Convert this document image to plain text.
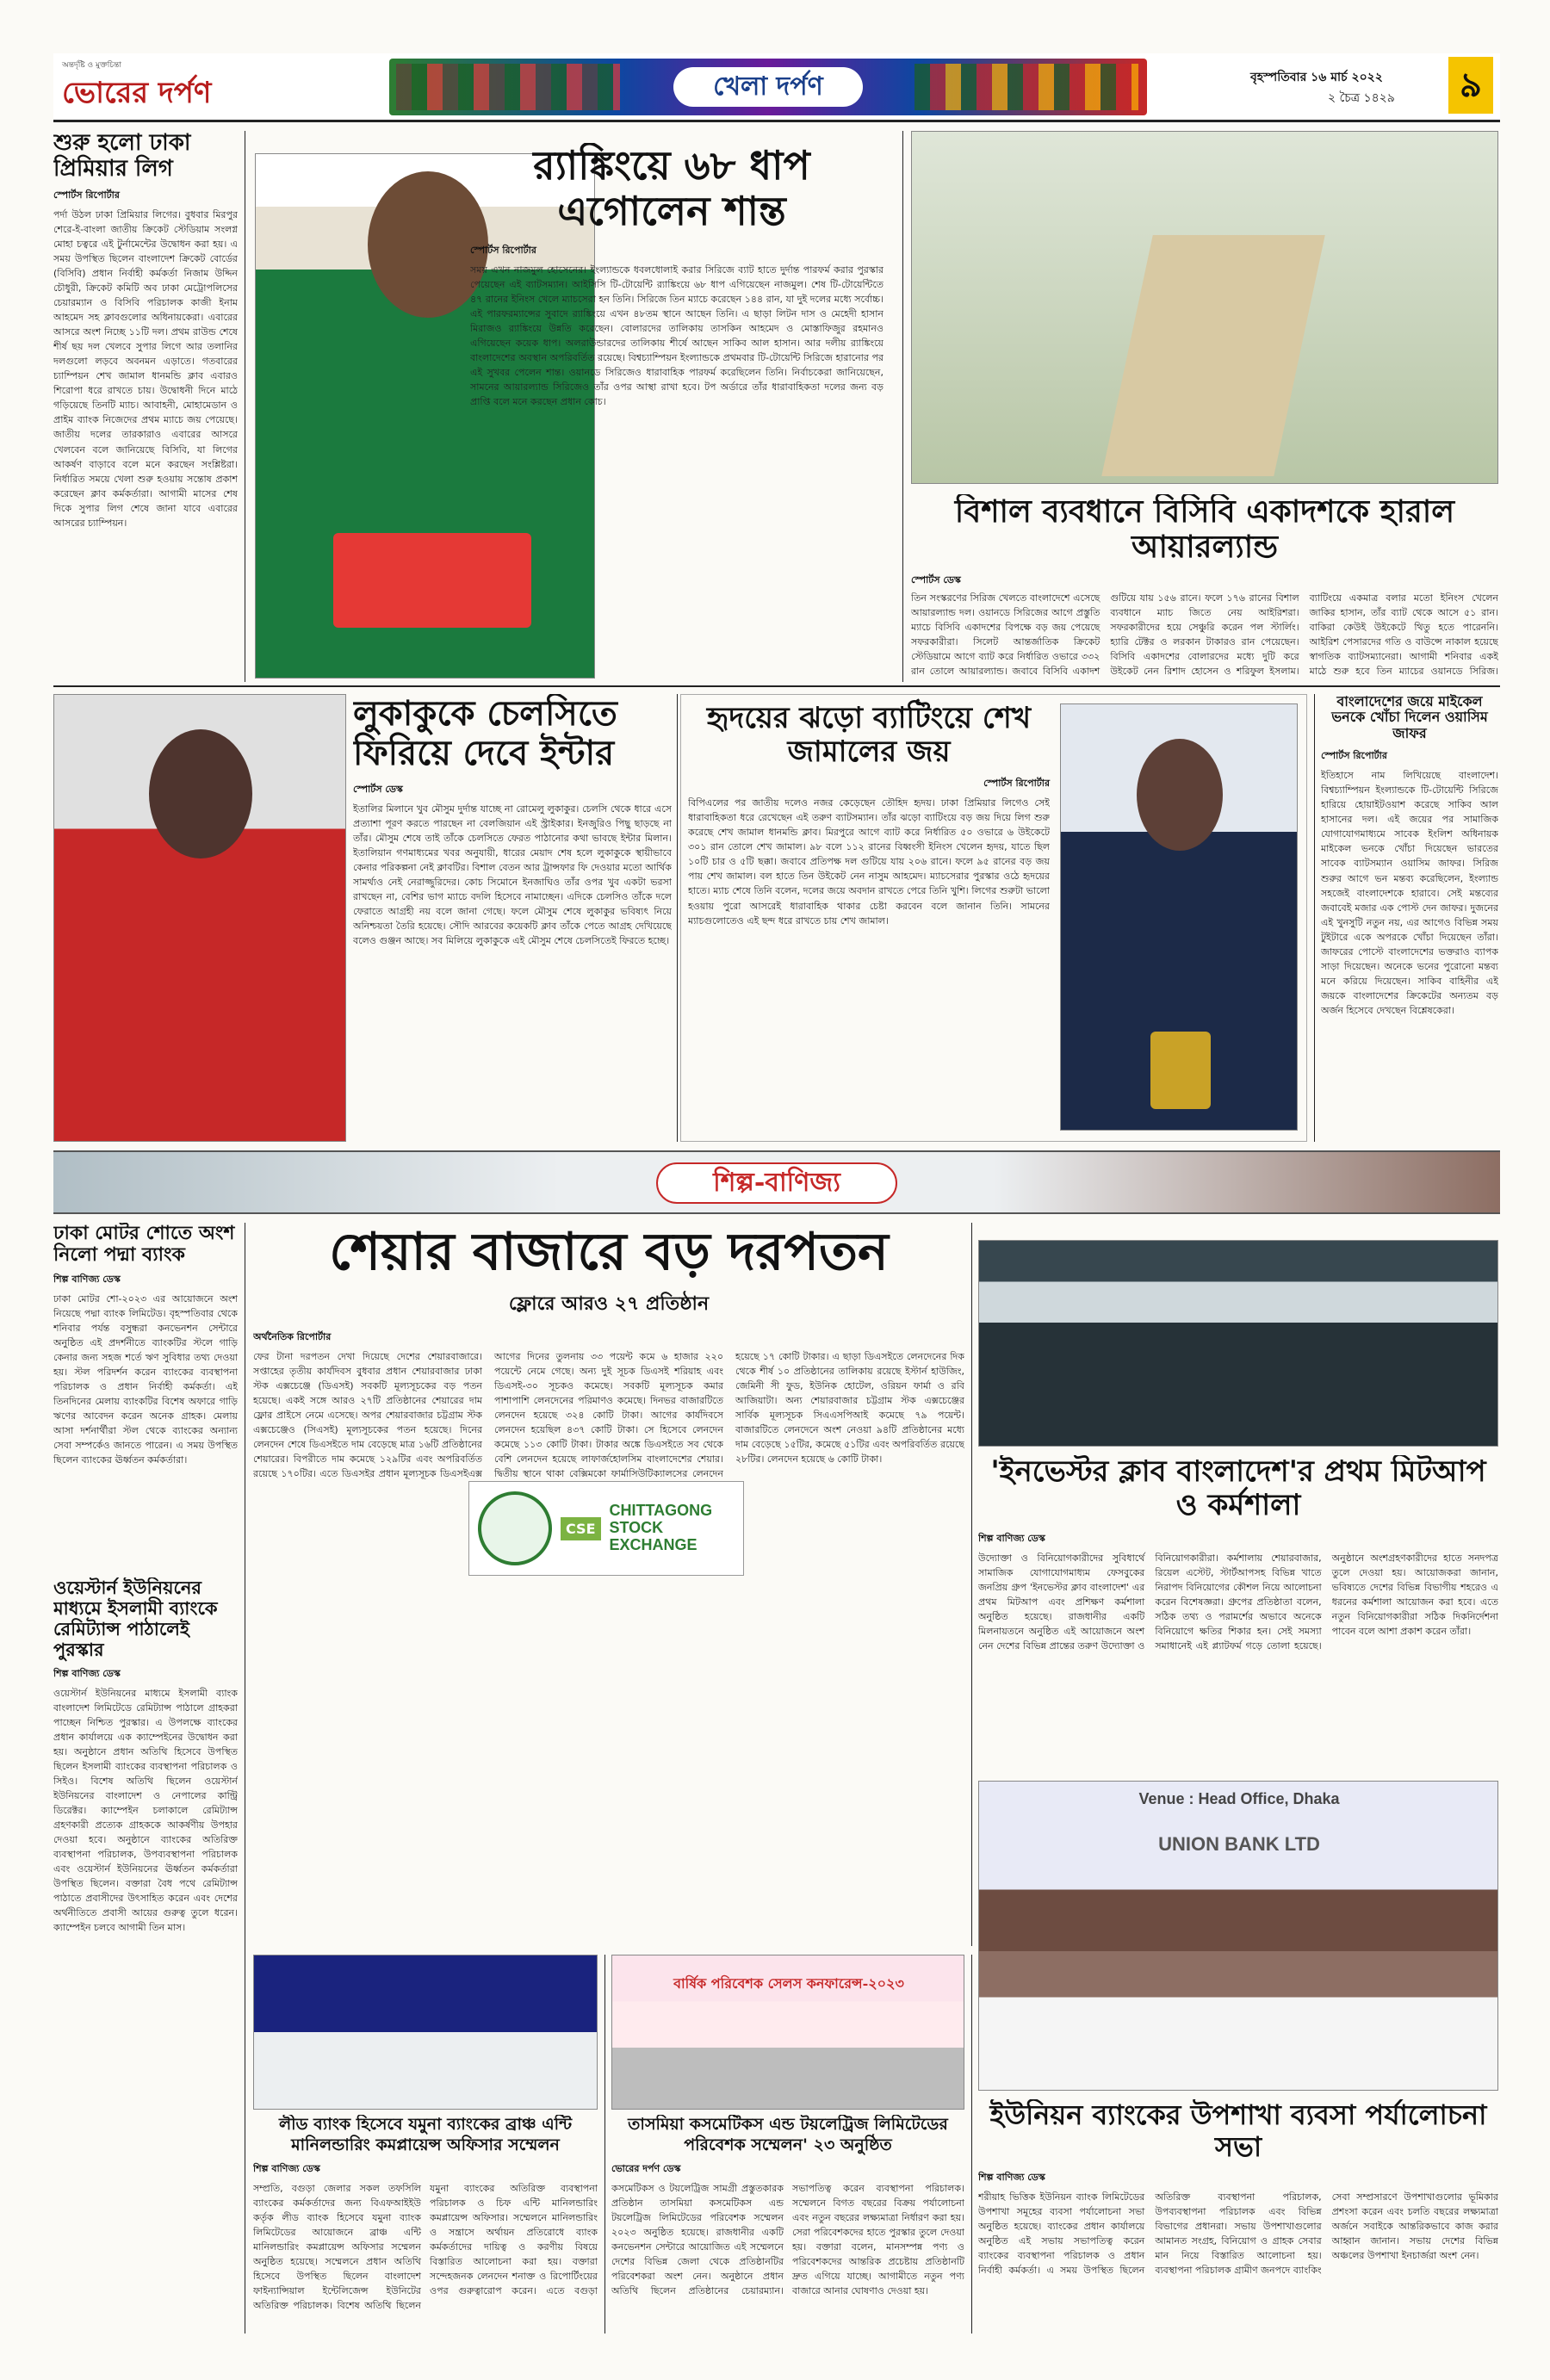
অন্তর্দৃষ্টি ও মুক্তচিন্তা
ভোরের দর্পণ	খেলা দর্পণ	বৃহস্পতিবার ১৬ মার্চ ২০২২
২ চৈত্র ১৪২৯	৯
শুরু হলো ঢাকা প্রিমিয়ার লিগ
স্পোর্টস রিপোর্টার
পর্দা উঠল ঢাকা প্রিমিয়ার লিগের। বুধবার মিরপুর শেরে-ই-বাংলা জাতীয় ক্রিকেট স্টেডিয়াম সংলগ্ন মোহা চত্বরে এই টুর্নামেন্টের উদ্বোধন করা হয়। এ সময় উপস্থিত ছিলেন বাংলাদেশ ক্রিকেট বোর্ডের (বিসিবি) প্রধান নির্বাহী কর্মকর্তা নিজাম উদ্দিন চৌধুরী, ক্রিকেট কমিটি অব ঢাকা মেট্রোপলিসের চেয়ারম্যান ও বিসিবি পরিচালক কাজী ইনাম আহমেদ সহ ক্লাবগুলোর অধিনায়কেরা। এবারের আসরে অংশ নিচ্ছে ১১টি দল। প্রথম রাউন্ড শেষে শীর্ষ ছয় দল খেলবে সুপার লিগে আর তলানির দলগুলো লড়বে অবনমন এড়াতে। গতবারের চ্যাম্পিয়ন শেখ জামাল ধানমন্ডি ক্লাব এবারও শিরোপা ধরে রাখতে চায়। উদ্বোধনী দিনে মাঠে গড়িয়েছে তিনটি ম্যাচ। আবাহনী, মোহামেডান ও প্রাইম ব্যাংক নিজেদের প্রথম ম্যাচে জয় পেয়েছে। জাতীয় দলের তারকারাও এবারের আসরে খেলবেন বলে জানিয়েছে বিসিবি, যা লিগের আকর্ষণ বাড়াবে বলে মনে করছেন সংশ্লিষ্টরা। নির্ধারিত সময়ে খেলা শুরু হওয়ায় সন্তোষ প্রকাশ করেছেন ক্লাব কর্মকর্তারা। আগামী মাসের শেষ দিকে সুপার লিগ শেষে জানা যাবে এবারের আসরের চ্যাম্পিয়ন।
র‍্যাঙ্কিংয়ে ৬৮ ধাপ এগোলেন শান্ত
স্পোর্টস রিপোর্টার
সময় এখন নাজমুল হোসেনের। ইংল্যান্ডকে ধবলধোলাই করার সিরিজে ব্যাট হাতে দুর্দান্ত পারফর্ম করার পুরস্কার পেয়েছেন এই ব্যাটসম্যান। আইসিসি টি-টোয়েন্টি র‍্যাঙ্কিংয়ে ৬৮ ধাপ এগিয়েছেন নাজমুল। শেষ টি-টোয়েন্টিতে ৪৭ রানের ইনিংস খেলে ম্যাচসেরা হন তিনি। সিরিজে তিন ম্যাচে করেছেন ১৪৪ রান, যা দুই দলের মধ্যে সর্বোচ্চ। এই পারফরম্যান্সের সুবাদে র‍্যাঙ্কিংয়ে এখন ৪৮তম স্থানে আছেন তিনি। এ ছাড়া লিটন দাস ও মেহেদী হাসান মিরাজও র‍্যাঙ্কিংয়ে উন্নতি করেছেন। বোলারদের তালিকায় তাসকিন আহমেদ ও মোস্তাফিজুর রহমানও এগিয়েছেন কয়েক ধাপ। অলরাউন্ডারদের তালিকায় শীর্ষে আছেন সাকিব আল হাসান। আর দলীয় র‍্যাঙ্কিংয়ে বাংলাদেশের অবস্থান অপরিবর্তিত রয়েছে। বিশ্বচ্যাম্পিয়ন ইংল্যান্ডকে প্রথমবার টি-টোয়েন্টি সিরিজে হারানোর পর এই সুখবর পেলেন শান্ত। ওয়ানডে সিরিজেও ধারাবাহিক পারফর্ম করেছিলেন তিনি। নির্বাচকেরা জানিয়েছেন, সামনের আয়ারল্যান্ড সিরিজেও তাঁর ওপর আস্থা রাখা হবে। টপ অর্ডারে তাঁর ধারাবাহিকতা দলের জন্য বড় প্রাপ্তি বলে মনে করছেন প্রধান কোচ।
বিশাল ব্যবধানে বিসিবি একাদশকে হারাল আয়ারল্যান্ড
স্পোর্টস ডেস্ক
তিন সংস্করণের সিরিজ খেলতে বাংলাদেশে এসেছে আয়ারল্যান্ড দল। ওয়ানডে সিরিজের আগে প্রস্তুতি ম্যাচে বিসিবি একাদশের বিপক্ষে বড় জয় পেয়েছে সফরকারীরা। সিলেট আন্তর্জাতিক ক্রিকেট স্টেডিয়ামে আগে ব্যাট করে নির্ধারিত ওভারে ৩৩২ রান তোলে আয়ারল্যান্ড। জবাবে বিসিবি একাদশ গুটিয়ে যায় ১৫৬ রানে। ফলে ১৭৬ রানের বিশাল ব্যবধানে ম্যাচ জিতে নেয় আইরিশরা। সফরকারীদের হয়ে সেঞ্চুরি করেন পল স্টার্লিং। হ্যারি টেক্টর ও লরকান টাকারও রান পেয়েছেন। বিসিবি একাদশের বোলারদের মধ্যে দুটি করে উইকেট নেন রিশাদ হোসেন ও শরিফুল ইসলাম। ব্যাটিংয়ে একমাত্র বলার মতো ইনিংস খেলেন জাকির হাসান, তাঁর ব্যাট থেকে আসে ৫১ রান। বাকিরা কেউই উইকেটে থিতু হতে পারেননি। আইরিশ পেসারদের গতি ও বাউন্সে নাকাল হয়েছে স্বাগতিক ব্যাটসম্যানেরা। আগামী শনিবার একই মাঠে শুরু হবে তিন ম্যাচের ওয়ানডে সিরিজ।
লুকাকুকে চেলসিতে ফিরিয়ে দেবে ইন্টার
স্পোর্টস ডেস্ক
ইতালির মিলানে খুব মৌসুম দুর্দান্ত যাচ্ছে না রোমেলু লুকাকুর। চেলসি থেকে ধারে এসে প্রত্যাশা পূরণ করতে পারছেন না বেলজিয়ান এই স্ট্রাইকার। ইনজুরিও পিছু ছাড়ছে না তাঁর। মৌসুম শেষে তাই তাঁকে চেলসিতে ফেরত পাঠানোর কথা ভাবছে ইন্টার মিলান। ইতালিয়ান গণমাধ্যমের খবর অনুযায়ী, ধারের মেয়াদ শেষ হলে লুকাকুকে স্থায়ীভাবে কেনার পরিকল্পনা নেই ক্লাবটির। বিশাল বেতন আর ট্রান্সফার ফি দেওয়ার মতো আর্থিক সামর্থ্যও নেই নেরাজ্জুরিদের। কোচ সিমোনে ইনজাঘিও তাঁর ওপর খুব একটা ভরসা রাখছেন না, বেশির ভাগ ম্যাচে বদলি হিসেবে নামাচ্ছেন। এদিকে চেলসিও তাঁকে দলে ফেরাতে আগ্রহী নয় বলে জানা গেছে। ফলে মৌসুম শেষে লুকাকুর ভবিষ্যৎ নিয়ে অনিশ্চয়তা তৈরি হয়েছে। সৌদি আরবের কয়েকটি ক্লাব তাঁকে পেতে আগ্রহ দেখিয়েছে বলেও গুঞ্জন আছে। সব মিলিয়ে লুকাকুকে এই মৌসুম শেষে চেলসিতেই ফিরতে হচ্ছে।
হৃদয়ের ঝড়ো ব্যাটিংয়ে শেখ জামালের জয়
স্পোর্টস রিপোর্টার
বিপিএলের পর জাতীয় দলেও নজর কেড়েছেন তৌহিদ হৃদয়। ঢাকা প্রিমিয়ার লিগেও সেই ধারাবাহিকতা ধরে রেখেছেন এই তরুণ ব্যাটসম্যান। তাঁর ঝড়ো ব্যাটিংয়ে বড় জয় দিয়ে লিগ শুরু করেছে শেখ জামাল ধানমন্ডি ক্লাব। মিরপুরে আগে ব্যাট করে নির্ধারিত ৫০ ওভারে ৬ উইকেটে ৩০১ রান তোলে শেখ জামাল। ৯৮ বলে ১১২ রানের বিধ্বংসী ইনিংস খেলেন হৃদয়, যাতে ছিল ১০টি চার ও ৫টি ছক্কা। জবাবে প্রতিপক্ষ দল গুটিয়ে যায় ২০৬ রানে। ফলে ৯৫ রানের বড় জয় পায় শেখ জামাল। বল হাতে তিন উইকেট নেন নাসুম আহমেদ। ম্যাচসেরার পুরস্কার ওঠে হৃদয়ের হাতে। ম্যাচ শেষে তিনি বলেন, দলের জয়ে অবদান রাখতে পেরে তিনি খুশি। লিগের শুরুটা ভালো হওয়ায় পুরো আসরেই ধারাবাহিক থাকার চেষ্টা করবেন বলে জানান তিনি। সামনের ম্যাচগুলোতেও এই ছন্দ ধরে রাখতে চায় শেখ জামাল।
বাংলাদেশের জয়ে মাইকেল ভনকে খোঁচা দিলেন ওয়াসিম জাফর
স্পোর্টস রিপোর্টার
ইতিহাসে নাম লিখিয়েছে বাংলাদেশ। বিশ্বচ্যাম্পিয়ন ইংল্যান্ডকে টি-টোয়েন্টি সিরিজে হারিয়ে হোয়াইটওয়াশ করেছে সাকিব আল হাসানের দল। এই জয়ের পর সামাজিক যোগাযোগমাধ্যমে সাবেক ইংলিশ অধিনায়ক মাইকেল ভনকে খোঁচা দিয়েছেন ভারতের সাবেক ব্যাটসম্যান ওয়াসিম জাফর। সিরিজ শুরুর আগে ভন মন্তব্য করেছিলেন, ইংল্যান্ড সহজেই বাংলাদেশকে হারাবে। সেই মন্তব্যের জবাবেই মজার এক পোস্ট দেন জাফর। দুজনের এই খুনসুটি নতুন নয়, এর আগেও বিভিন্ন সময় টুইটারে একে অপরকে খোঁচা দিয়েছেন তাঁরা। জাফরের পোস্টে বাংলাদেশের ভক্তরাও ব্যাপক সাড়া দিয়েছেন। অনেকে ভনের পুরোনো মন্তব্য মনে করিয়ে দিয়েছেন। সাকিব বাহিনীর এই জয়কে বাংলাদেশের ক্রিকেটের অন্যতম বড় অর্জন হিসেবে দেখছেন বিশ্লেষকেরা।
শিল্প-বাণিজ্য
ঢাকা মোটর শোতে অংশ নিলো পদ্মা ব্যাংক
শিল্প বাণিজ্য ডেস্ক
ঢাকা মোটর শো-২০২৩ এর আয়োজনে অংশ নিয়েছে পদ্মা ব্যাংক লিমিটেড। বৃহস্পতিবার থেকে শনিবার পর্যন্ত বসুন্ধরা কনভেনশন সেন্টারে অনুষ্ঠিত এই প্রদর্শনীতে ব্যাংকটির স্টলে গাড়ি কেনার জন্য সহজ শর্তে ঋণ সুবিধার তথ্য দেওয়া হয়। স্টল পরিদর্শন করেন ব্যাংকের ব্যবস্থাপনা পরিচালক ও প্রধান নির্বাহী কর্মকর্তা। এই তিনদিনের মেলায় ব্যাংকটির বিশেষ অফারে গাড়ি ঋণের আবেদন করেন অনেক গ্রাহক। মেলায় আসা দর্শনার্থীরা স্টল থেকে ব্যাংকের অন্যান্য সেবা সম্পর্কেও জানতে পারেন। এ সময় উপস্থিত ছিলেন ব্যাংকের ঊর্ধ্বতন কর্মকর্তারা।
ওয়েস্টার্ন ইউনিয়নের মাধ্যমে ইসলামী ব্যাংকে রেমিট্যান্স পাঠালেই পুরস্কার
শিল্প বাণিজ্য ডেস্ক
ওয়েস্টার্ন ইউনিয়নের মাধ্যমে ইসলামী ব্যাংক বাংলাদেশ লিমিটেডে রেমিট্যান্স পাঠালে গ্রাহকরা পাচ্ছেন নিশ্চিত পুরস্কার। এ উপলক্ষে ব্যাংকের প্রধান কার্যালয়ে এক ক্যাম্পেইনের উদ্বোধন করা হয়। অনুষ্ঠানে প্রধান অতিথি হিসেবে উপস্থিত ছিলেন ইসলামী ব্যাংকের ব্যবস্থাপনা পরিচালক ও সিইও। বিশেষ অতিথি ছিলেন ওয়েস্টার্ন ইউনিয়নের বাংলাদেশ ও নেপালের কান্ট্রি ডিরেক্টর। ক্যাম্পেইন চলাকালে রেমিট্যান্স গ্রহণকারী প্রত্যেক গ্রাহককে আকর্ষণীয় উপহার দেওয়া হবে। অনুষ্ঠানে ব্যাংকের অতিরিক্ত ব্যবস্থাপনা পরিচালক, উপব্যবস্থাপনা পরিচালক এবং ওয়েস্টার্ন ইউনিয়নের ঊর্ধ্বতন কর্মকর্তারা উপস্থিত ছিলেন। বক্তারা বৈধ পথে রেমিট্যান্স পাঠাতে প্রবাসীদের উৎসাহিত করেন এবং দেশের অর্থনীতিতে প্রবাসী আয়ের গুরুত্ব তুলে ধরেন। ক্যাম্পেইন চলবে আগামী তিন মাস।
শেয়ার বাজারে বড় দরপতন
ফ্লোরে আরও ২৭ প্রতিষ্ঠান
অর্থনৈতিক রিপোর্টার
ফের টানা দরপতন দেখা দিয়েছে দেশের শেয়ারবাজারে। সপ্তাহের তৃতীয় কার্যদিবস বুধবার প্রধান শেয়ারবাজার ঢাকা স্টক এক্সচেঞ্জে (ডিএসই) সবকটি মূল্যসূচকের বড় পতন হয়েছে। একই সঙ্গে আরও ২৭টি প্রতিষ্ঠানের শেয়ারের দাম ফ্লোর প্রাইসে নেমে এসেছে। অপর শেয়ারবাজার চট্টগ্রাম স্টক এক্সচেঞ্জেও (সিএসই) মূল্যসূচকের পতন হয়েছে। দিনের লেনদেন শেষে ডিএসইতে দাম বেড়েছে মাত্র ১৬টি প্রতিষ্ঠানের শেয়ারের। বিপরীতে দাম কমেছে ১২৯টির এবং অপরিবর্তিত রয়েছে ১৭০টির। এতে ডিএসইর প্রধান মূল্যসূচক ডিএসইএক্স আগের দিনের তুলনায় ৩৩ পয়েন্ট কমে ৬ হাজার ২২০ পয়েন্টে নেমে গেছে। অন্য দুই সূচক ডিএসই শরিয়াহ এবং ডিএসই-৩০ সূচকও কমেছে। সবকটি মূল্যসূচক কমার পাশাপাশি লেনদেনের পরিমাণও কমেছে। দিনভর বাজারটিতে লেনদেন হয়েছে ৩২৪ কোটি টাকা। আগের কার্যদিবসে লেনদেন হয়েছিল ৪৩৭ কোটি টাকা। সে হিসেবে লেনদেন কমেছে ১১৩ কোটি টাকা। টাকার অঙ্কে ডিএসইতে সব থেকে বেশি লেনদেন হয়েছে লাফার্জহোলসিম বাংলাদেশের শেয়ার। দ্বিতীয় স্থানে থাকা বেক্সিমকো ফার্মাসিউটিক্যালসের লেনদেন হয়েছে ১৭ কোটি টাকার। এ ছাড়া ডিএসইতে লেনদেনের দিক থেকে শীর্ষ ১০ প্রতিষ্ঠানের তালিকায় রয়েছে ইস্টার্ন হাউজিং, জেমিনী সী ফুড, ইউনিক হোটেল, ওরিয়ন ফার্মা ও রবি আজিয়াটা। অন্য শেয়ারবাজার চট্টগ্রাম স্টক এক্সচেঞ্জের সার্বিক মূল্যসূচক সিএএসপিআই কমেছে ৭৯ পয়েন্ট। বাজারটিতে লেনদেনে অংশ নেওয়া ৯৪টি প্রতিষ্ঠানের মধ্যে দাম বেড়েছে ১৫টির, কমেছে ৫১টির এবং অপরিবর্তিত রয়েছে ২৮টির। লেনদেন হয়েছে ৬ কোটি টাকা।
CSE
CHITTAGONG STOCK EXCHANGE
'ইনভেস্টর ক্লাব বাংলাদেশ'র প্রথম মিটআপ ও কর্মশালা
শিল্প বাণিজ্য ডেস্ক
উদ্যোক্তা ও বিনিয়োগকারীদের সুবিধার্থে সামাজিক যোগাযোগমাধ্যম ফেসবুকের জনপ্রিয় গ্রুপ 'ইনভেস্টর ক্লাব বাংলাদেশ' এর প্রথম মিটআপ এবং প্রশিক্ষণ কর্মশালা অনুষ্ঠিত হয়েছে। রাজধানীর একটি মিলনায়তনে অনুষ্ঠিত এই আয়োজনে অংশ নেন দেশের বিভিন্ন প্রান্তের তরুণ উদ্যোক্তা ও বিনিয়োগকারীরা। কর্মশালায় শেয়ারবাজার, রিয়েল এস্টেট, স্টার্টআপসহ বিভিন্ন খাতে নিরাপদ বিনিয়োগের কৌশল নিয়ে আলোচনা করেন বিশেষজ্ঞরা। গ্রুপের প্রতিষ্ঠাতা বলেন, সঠিক তথ্য ও পরামর্শের অভাবে অনেকে বিনিয়োগে ক্ষতির শিকার হন। সেই সমস্যা সমাধানেই এই প্ল্যাটফর্ম গড়ে তোলা হয়েছে। অনুষ্ঠানে অংশগ্রহণকারীদের হাতে সনদপত্র তুলে দেওয়া হয়। আয়োজকরা জানান, ভবিষ্যতে দেশের বিভিন্ন বিভাগীয় শহরেও এ ধরনের কর্মশালা আয়োজন করা হবে। এতে নতুন বিনিয়োগকারীরা সঠিক দিকনির্দেশনা পাবেন বলে আশা প্রকাশ করেন তাঁরা।
লীড ব্যাংক হিসেবে যমুনা ব্যাংকের ব্রাঞ্চ এন্টি মানিলন্ডারিং কমপ্লায়েন্স অফিসার সম্মেলন
শিল্প বাণিজ্য ডেস্ক
সম্প্রতি, বগুড়া জেলার সকল তফসিলি ব্যাংকের কর্মকর্তাদের জন্য বিএফআইইউ কর্তৃক লীড ব্যাংক হিসেবে যমুনা ব্যাংক লিমিটেডের আয়োজনে ব্রাঞ্চ এন্টি মানিলন্ডারিং কমপ্লায়েন্স অফিসার সম্মেলন অনুষ্ঠিত হয়েছে। সম্মেলনে প্রধান অতিথি হিসেবে উপস্থিত ছিলেন বাংলাদেশ ফাইন্যান্সিয়াল ইন্টেলিজেন্স ইউনিটের অতিরিক্ত পরিচালক। বিশেষ অতিথি ছিলেন যমুনা ব্যাংকের অতিরিক্ত ব্যবস্থাপনা পরিচালক ও চিফ এন্টি মানিলন্ডারিং কমপ্লায়েন্স অফিসার। সম্মেলনে মানিলন্ডারিং ও সন্ত্রাসে অর্থায়ন প্রতিরোধে ব্যাংক কর্মকর্তাদের দায়িত্ব ও করণীয় বিষয়ে বিস্তারিত আলোচনা করা হয়। বক্তারা সন্দেহজনক লেনদেন শনাক্ত ও রিপোর্টিংয়ের ওপর গুরুত্বারোপ করেন। এতে বগুড়া
বার্ষিক পরিবেশক সেলস কনফারেন্স-২০২৩
তাসমিয়া কসমেটিকস এন্ড টয়লেট্রিজ লিমিটেডের পরিবেশক সম্মেলন' ২৩ অনুষ্ঠিত
ভোরের দর্পণ ডেস্ক
কসমেটিকস ও টয়লেট্রিজ সামগ্রী প্রস্তুতকারক প্রতিষ্ঠান তাসমিয়া কসমেটিকস এন্ড টয়লেট্রিজ লিমিটেডের পরিবেশক সম্মেলন ২০২৩ অনুষ্ঠিত হয়েছে। রাজধানীর একটি কনভেনশন সেন্টারে আয়োজিত এই সম্মেলনে দেশের বিভিন্ন জেলা থেকে প্রতিষ্ঠানটির পরিবেশকরা অংশ নেন। অনুষ্ঠানে প্রধান অতিথি ছিলেন প্রতিষ্ঠানের চেয়ারম্যান। সভাপতিত্ব করেন ব্যবস্থাপনা পরিচালক। সম্মেলনে বিগত বছরের বিক্রয় পর্যালোচনা এবং নতুন বছরের লক্ষ্যমাত্রা নির্ধারণ করা হয়। সেরা পরিবেশকদের হাতে পুরস্কার তুলে দেওয়া হয়। বক্তারা বলেন, মানসম্পন্ন পণ্য ও পরিবেশকদের আন্তরিক প্রচেষ্টায় প্রতিষ্ঠানটি দ্রুত এগিয়ে যাচ্ছে। আগামীতে নতুন পণ্য বাজারে আনার ঘোষণাও দেওয়া হয়।
Venue : Head Office, Dhaka
UNION BANK LTD
ইউনিয়ন ব্যাংকের উপশাখা ব্যবসা পর্যালোচনা সভা
শিল্প বাণিজ্য ডেস্ক
শরীয়াহ ভিত্তিক ইউনিয়ন ব্যাংক লিমিটেডের উপশাখা সমূহের ব্যবসা পর্যালোচনা সভা অনুষ্ঠিত হয়েছে। ব্যাংকের প্রধান কার্যালয়ে অনুষ্ঠিত এই সভায় সভাপতিত্ব করেন ব্যাংকের ব্যবস্থাপনা পরিচালক ও প্রধান নির্বাহী কর্মকর্তা। এ সময় উপস্থিত ছিলেন অতিরিক্ত ব্যবস্থাপনা পরিচালক, উপব্যবস্থাপনা পরিচালক এবং বিভিন্ন বিভাগের প্রধানরা। সভায় উপশাখাগুলোর আমানত সংগ্রহ, বিনিয়োগ ও গ্রাহক সেবার মান নিয়ে বিস্তারিত আলোচনা হয়। ব্যবস্থাপনা পরিচালক গ্রামীণ জনপদে ব্যাংকিং সেবা সম্প্রসারণে উপশাখাগুলোর ভূমিকার প্রশংসা করেন এবং চলতি বছরের লক্ষ্যমাত্রা অর্জনে সবাইকে আন্তরিকভাবে কাজ করার আহ্বান জানান। সভায় দেশের বিভিন্ন অঞ্চলের উপশাখা ইনচার্জরা অংশ নেন।
